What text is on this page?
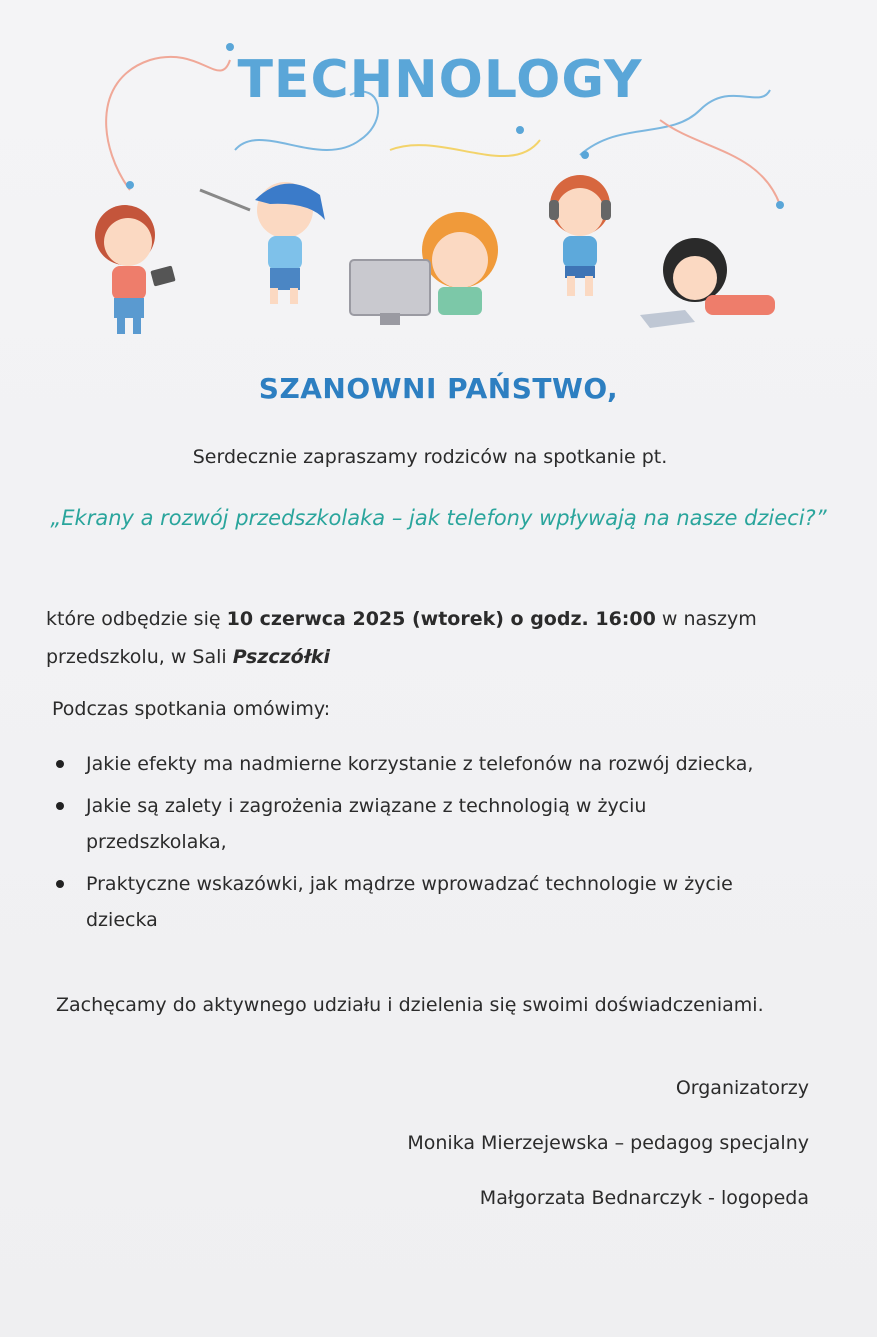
TECHNOLOGY
SZANOWNI PAŃSTWO,
Serdecznie zapraszamy rodziców na spotkanie pt.
„Ekrany a rozwój przedszkolaka – jak telefony wpływają na nasze dzieci?”
które odbędzie się 10 czerwca 2025 (wtorek) o godz. 16:00 w naszym przedszkolu, w Sali Pszczółki
Podczas spotkania omówimy:
Jakie efekty ma nadmierne korzystanie z telefonów na rozwój dziecka,
Jakie są zalety i zagrożenia związane z technologią w życiu przedszkolaka,
Praktyczne wskazówki, jak mądrze wprowadzać technologie w życie dziecka
Zachęcamy do aktywnego udziału i dzielenia się swoimi doświadczeniami.
Organizatorzy
Monika Mierzejewska – pedagog specjalny
Małgorzata Bednarczyk - logopeda
